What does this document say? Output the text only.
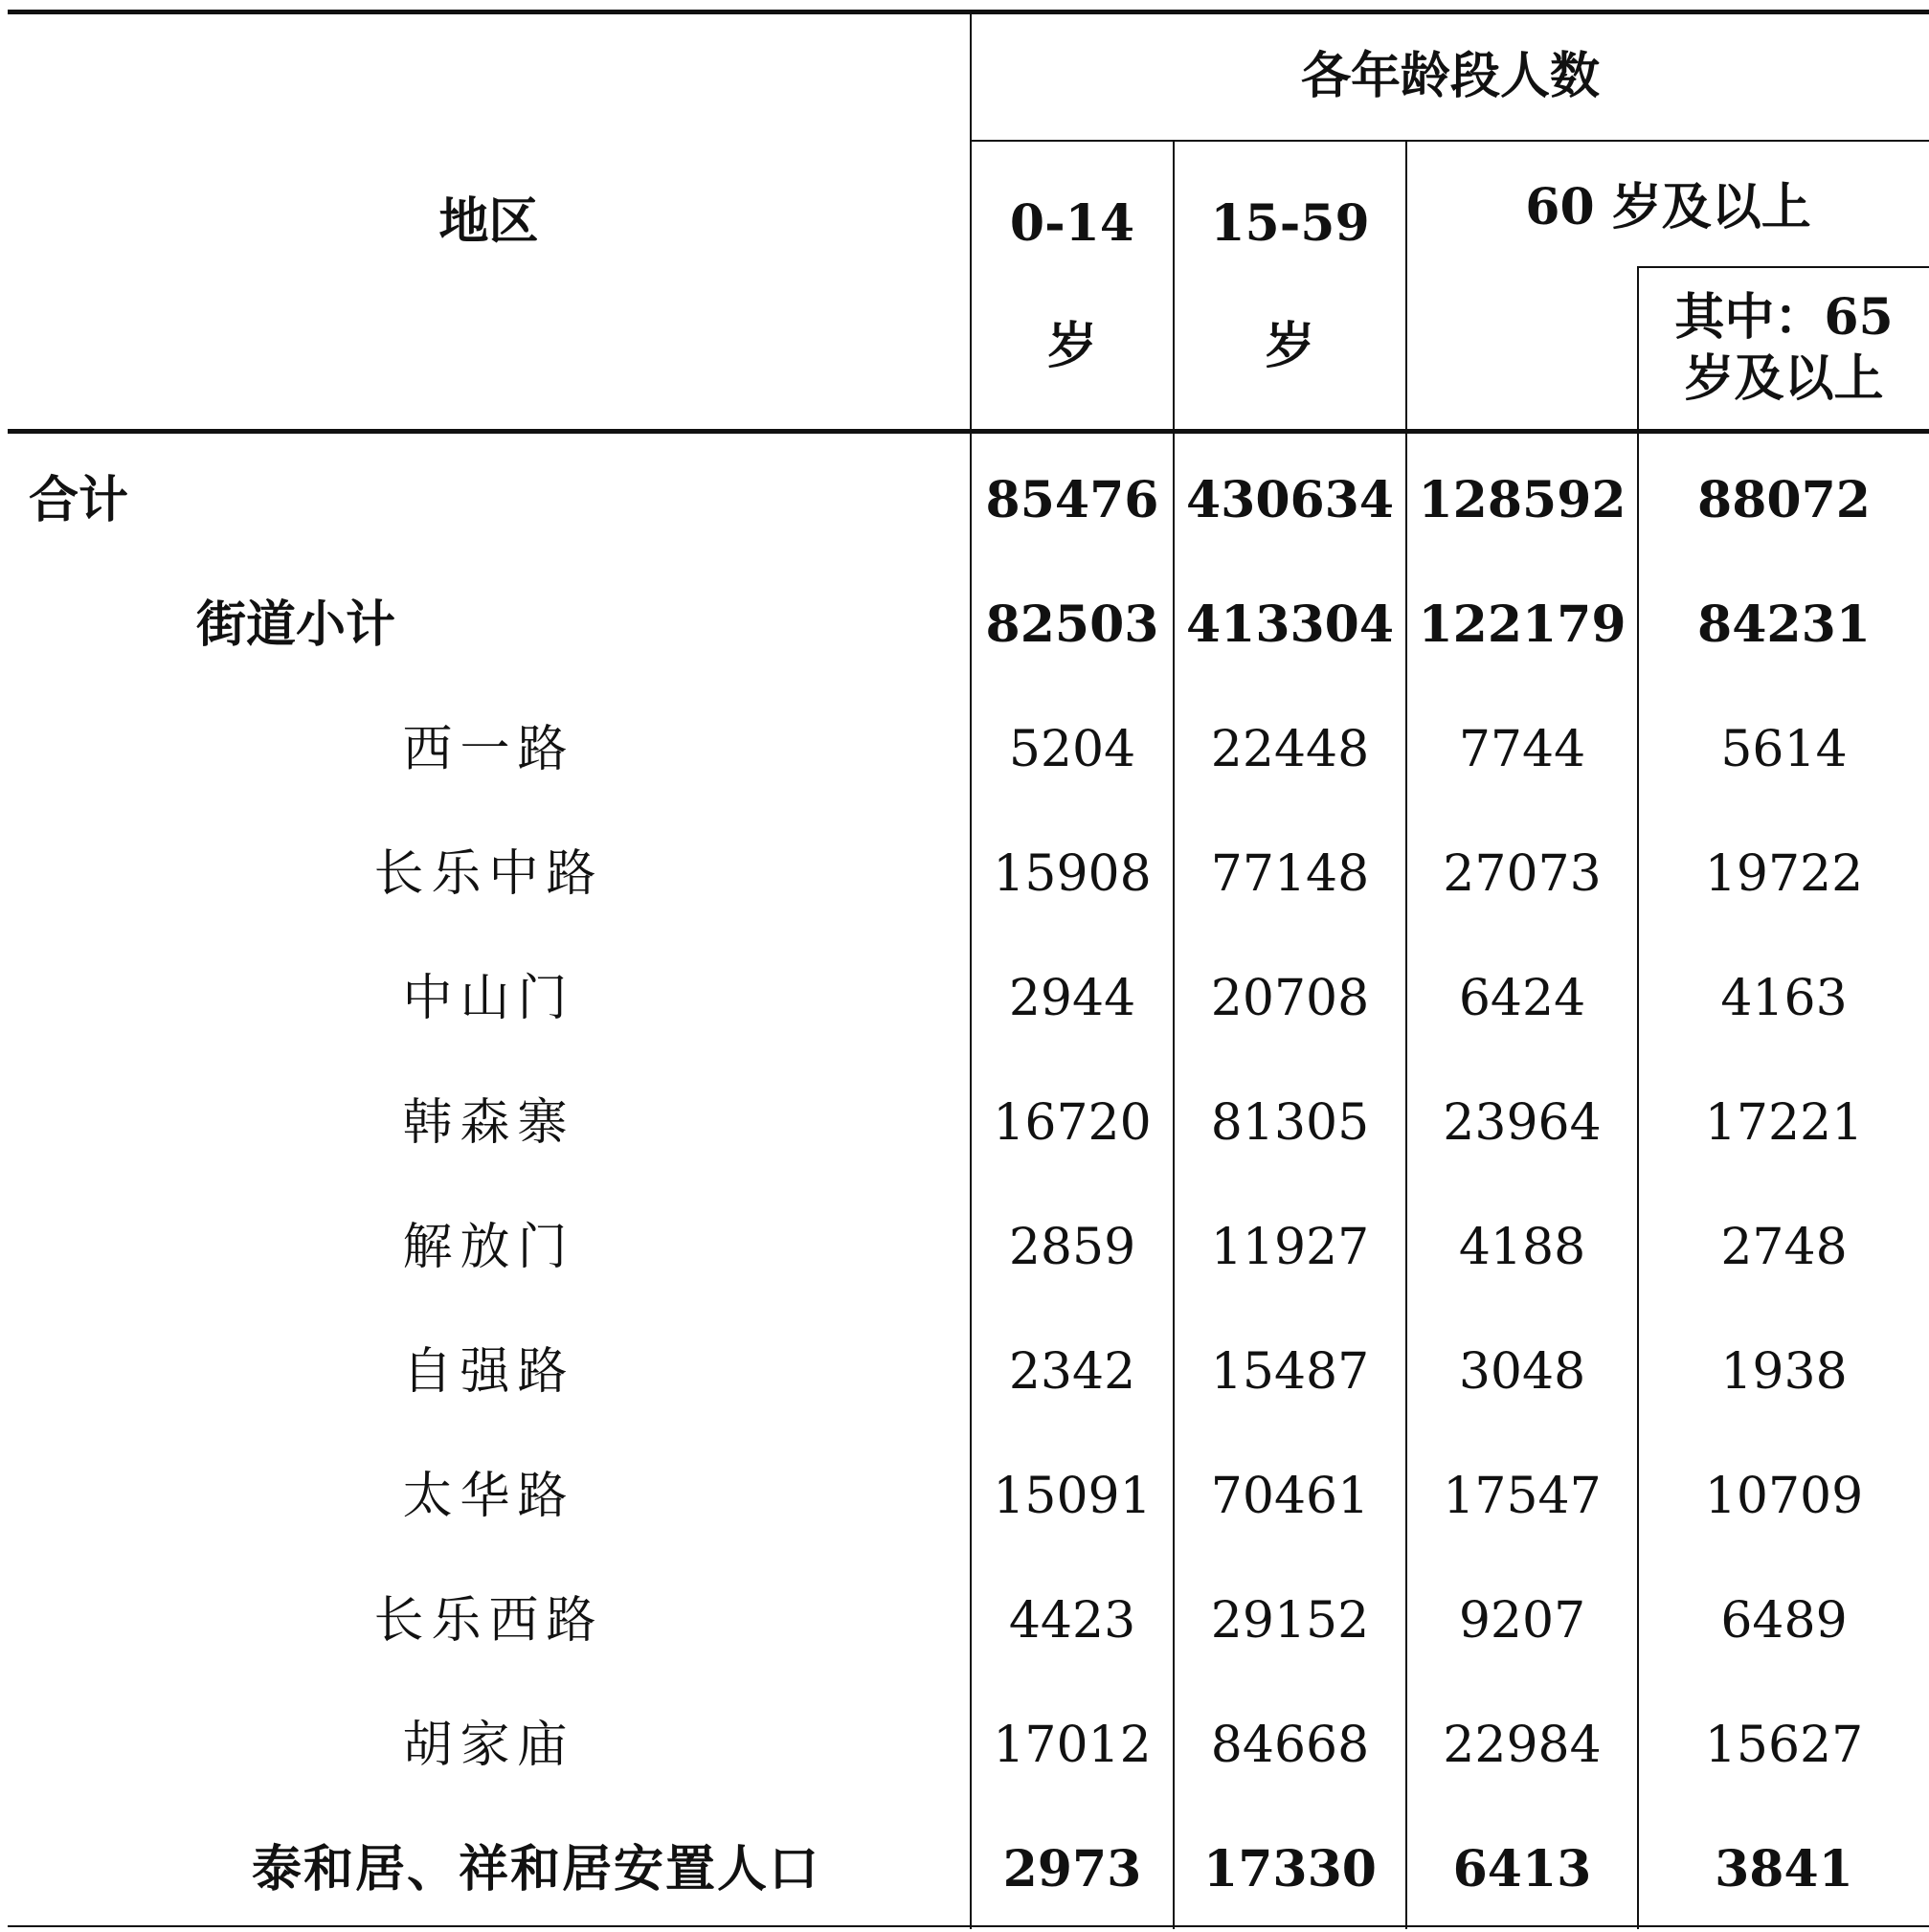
地区
各年龄段人数
0-14
岁
15-59
岁
60 岁及以上
其中：65
岁及以上
合计	85476 430634 128592	88072
街道小计	82503 413304 122179	84231
西一路	5204	22448	7744	5614
长乐中路	15908	77148	27073	19722
中山门	2944	20708	6424	4163
韩森寨	16720	81305	23964	17221
解放门	2859	11927	4188	2748
自强路	2342	15487	3048	1938
太华路	15091	70461	17547	10709
长乐西路	4423	29152	9207	6489
胡家庙	17012	84668	22984	15627
泰和居、祥和居安置人口	2973	17330	6413	3841
